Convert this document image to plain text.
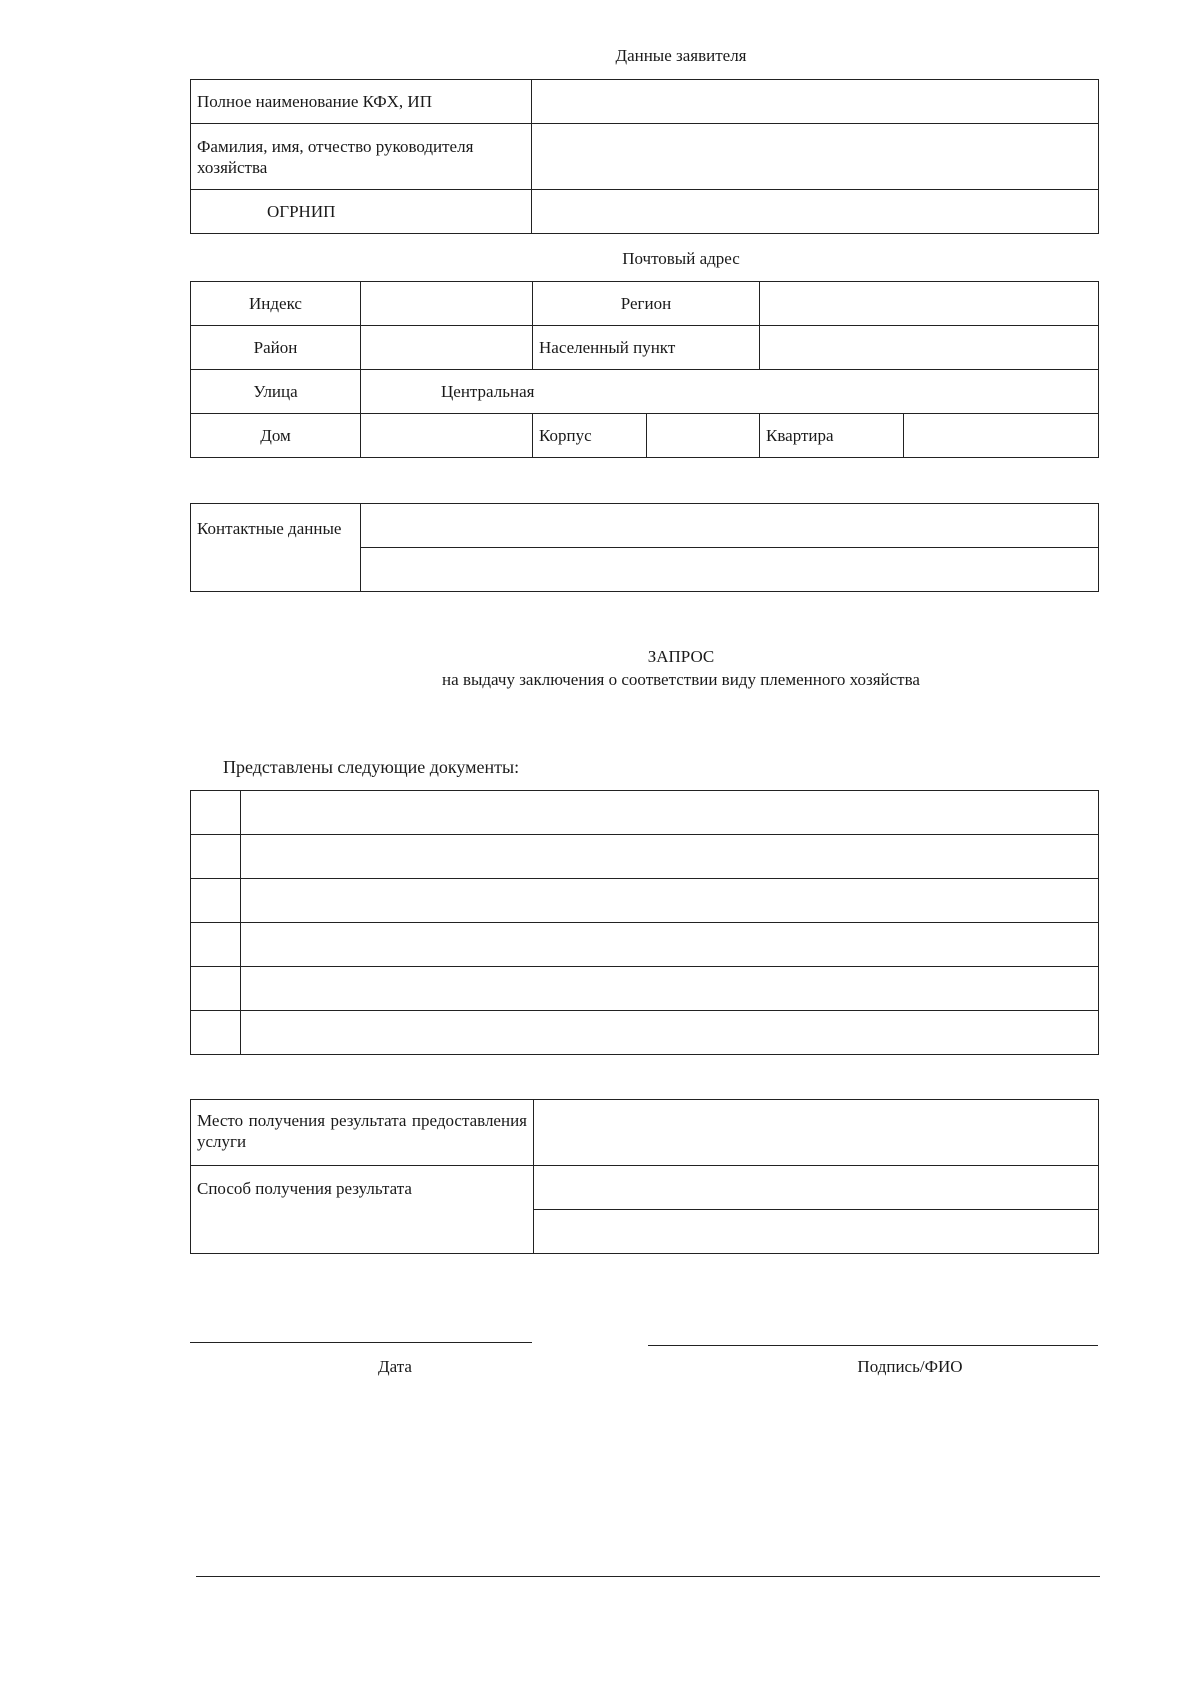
Данные заявителя
Полное наименование КФХ, ИП	
Фамилия, имя, отчество руководителя хозяйства	
ОГРНИП	
Почтовый адрес
Индекс		Регион			
Район		Населенный пункт			
Улица	Центральная				
Дом		Корпус		Квартира	
Контактные данные	

ЗАПРОС
на выдачу заключения о соответствии виду племенного хозяйства
Представлены следующие документы:

Место получения результата предоставления услуги	
Способ получения результата	

Дата	Подпись/ФИО
